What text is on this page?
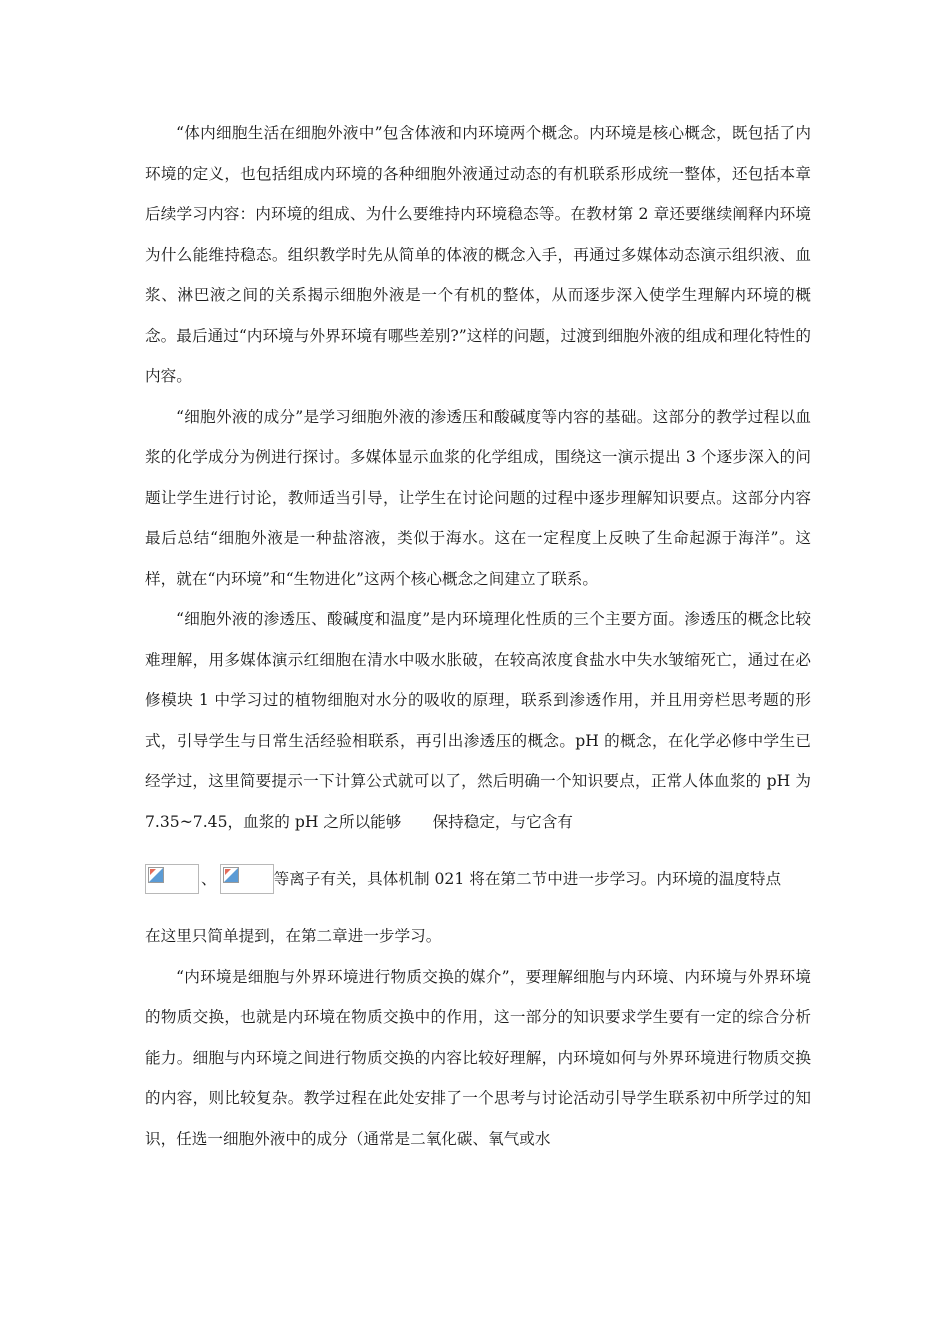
“体内细胞生活在细胞外液中”包含体液和内环境两个概念。内环境是核心概念，既包括了内环境的定义，也包括组成内环境的各种细胞外液通过动态的有机联系形成统一整体，还包括本章后续学习内容：内环境的组成、为什么要维持内环境稳态等。在教材第 2 章还要继续阐释内环境为什么能维持稳态。组织教学时先从简单的体液的概念入手，再通过多媒体动态演示组织液、血浆、淋巴液之间的关系揭示细胞外液是一个有机的整体，从而逐步深入使学生理解内环境的概念。最后通过“内环境与外界环境有哪些差别?”这样的问题，过渡到细胞外液的组成和理化特性的内容。

“细胞外液的成分”是学习细胞外液的渗透压和酸碱度等内容的基础。这部分的教学过程以血浆的化学成分为例进行探讨。多媒体显示血浆的化学组成，围绕这一演示提出 3 个逐步深入的问题让学生进行讨论，教师适当引导，让学生在讨论问题的过程中逐步理解知识要点。这部分内容最后总结“细胞外液是一种盐溶液，类似于海水。这在一定程度上反映了生命起源于海洋”。这样，就在“内环境”和“生物进化”这两个核心概念之间建立了联系。

“细胞外液的渗透压、酸碱度和温度”是内环境理化性质的三个主要方面。渗透压的概念比较难理解，用多媒体演示红细胞在清水中吸水胀破，在较高浓度食盐水中失水皱缩死亡，通过在必修模块 1 中学习过的植物细胞对水分的吸收的原理，联系到渗透作用，并且用旁栏思考题的形式，引导学生与日常生活经验相联系，再引出渗透压的概念。pH 的概念，在化学必修中学生已经学过，这里简要提示一下计算公式就可以了，然后明确一个知识要点，正常人体血浆的 pH 为 7.35~7.45，血浆的 pH 之所以能够　　保持稳定，与它含有

、	等离子有关，具体机制 021 将在第二节中进一步学习。内环境的温度特点
在这里只简单提到，在第二章进一步学习。

“内环境是细胞与外界环境进行物质交换的媒介”，要理解细胞与内环境、内环境与外界环境的物质交换，也就是内环境在物质交换中的作用，这一部分的知识要求学生要有一定的综合分析能力。细胞与内环境之间进行物质交换的内容比较好理解，内环境如何与外界环境进行物质交换的内容，则比较复杂。教学过程在此处安排了一个思考与讨论活动引导学生联系初中所学过的知识，任选一细胞外液中的成分（通常是二氧化碳、氧气或水
